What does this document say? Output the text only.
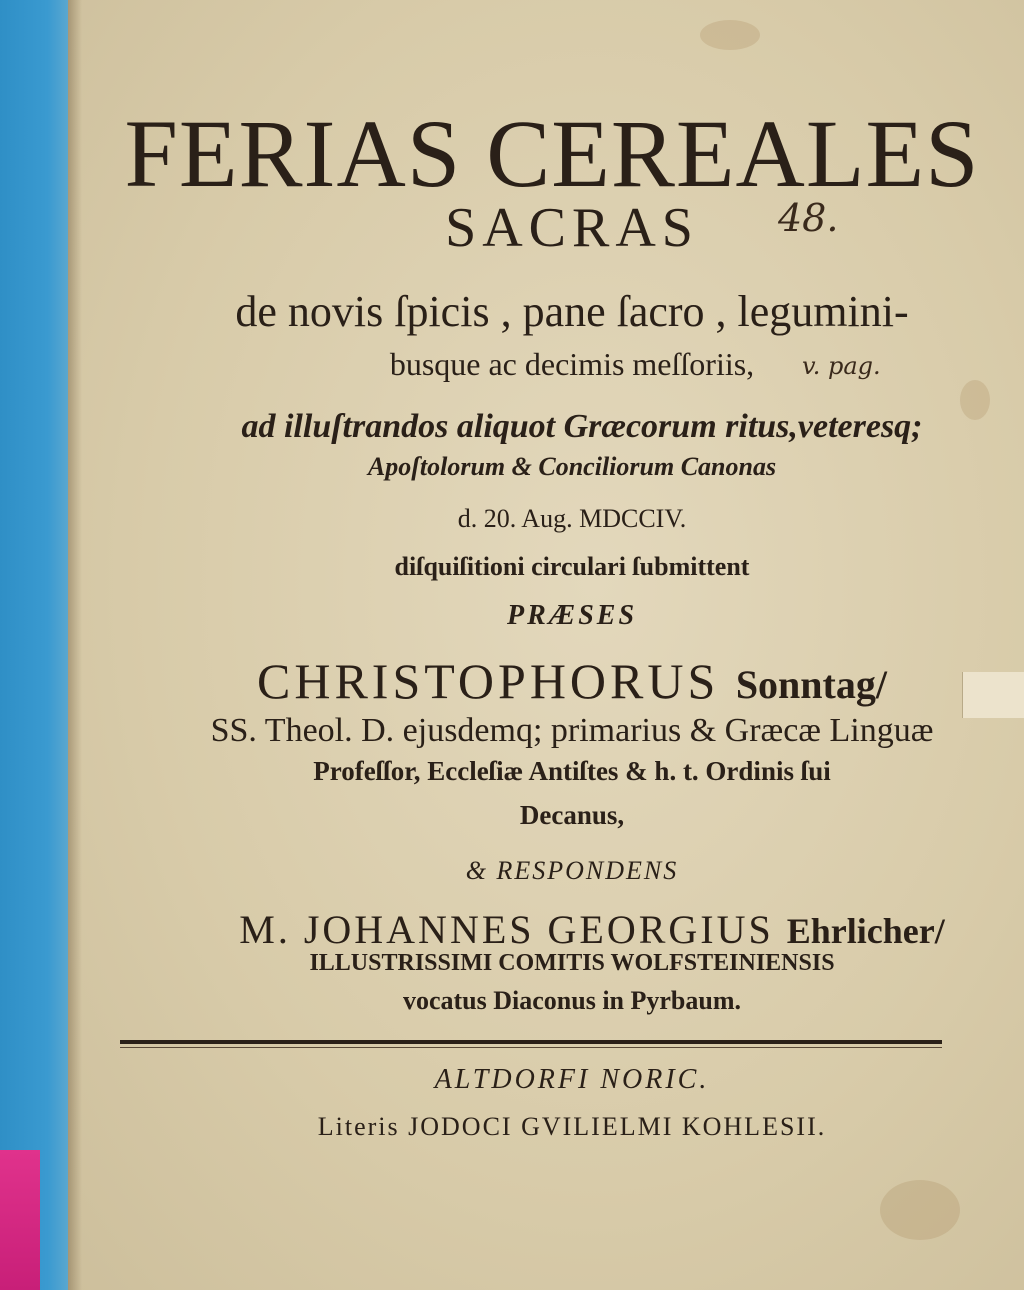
FERIAS CEREALES
SACRAS
de novis ſpicis , pane ſacro , legumini-
busque ac decimis meſſoriis,
ad illuſtrandos aliquot Græcorum ritus,veteresq;
Apoſtolorum & Conciliorum Canonas
d. 20. Aug. MDCCIV.
diſquiſitioni circulari ſubmittent
PRÆSES
CHRISTOPHORUS Sonntag/
SS. Theol. D. ejusdemq; primarius & Græcæ Linguæ
Profeſſor, Eccleſiæ Antiſtes & h. t. Ordinis ſui
Decanus,
& RESPONDENS
M. JOHANNES GEORGIUS Ehrlicher/
ILLUSTRISSIMI COMITIS WOLFSTEINIENSIS
vocatus Diaconus in Pyrbaum.
ALTDORFI NORIC.
Literis JODOCI GVILIELMI KOHLESII.
48.
v. pag.
